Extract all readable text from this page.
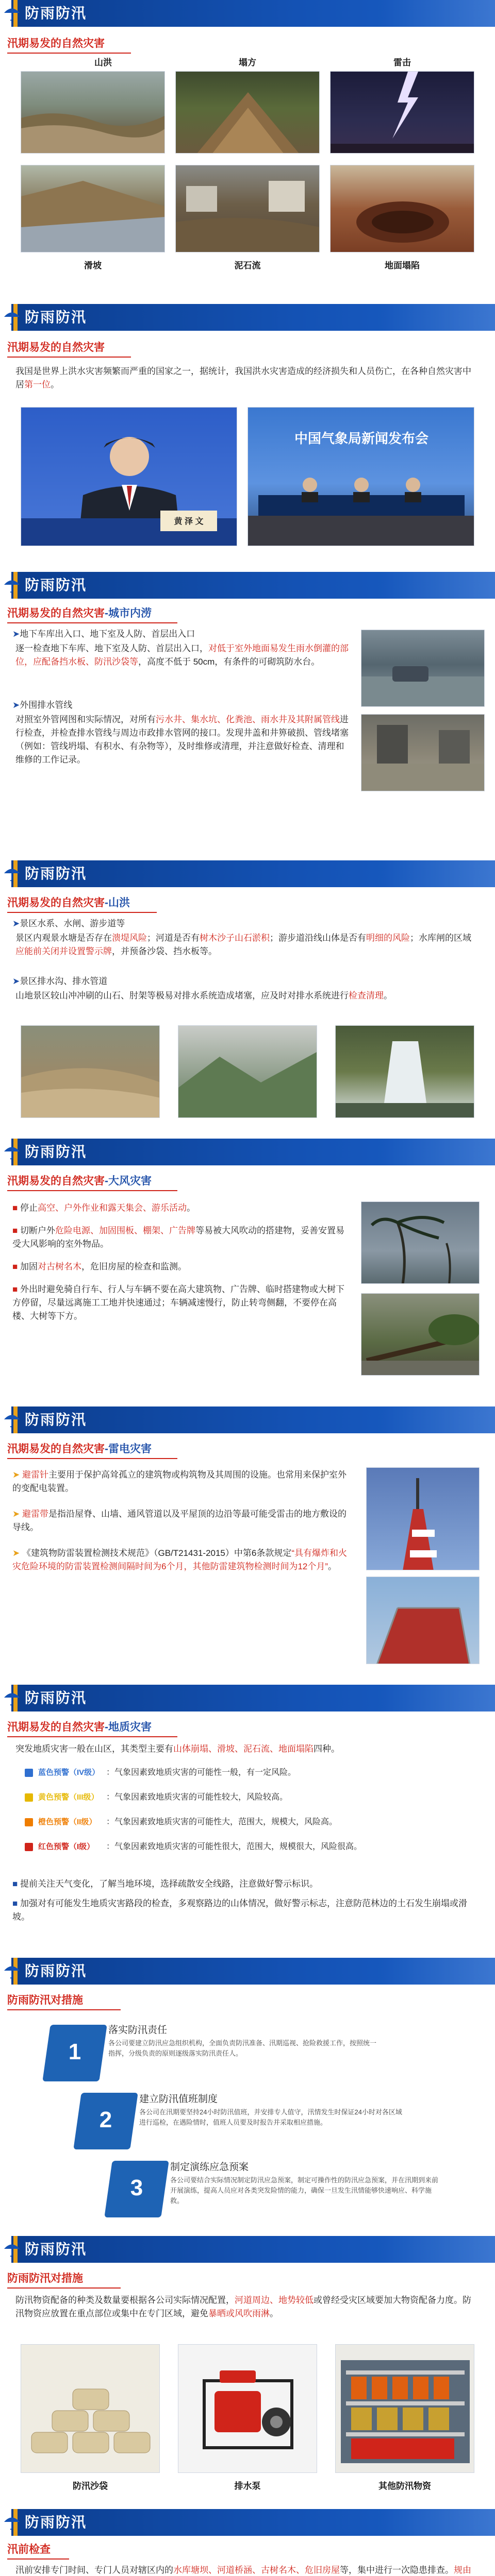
防雨防汛
汛期易发的自然灾害
山洪	塌方	雷击
滑坡	泥石流	地面塌陷
防雨防汛
汛期易发的自然灾害
我国是世界上洪水灾害频繁而严重的国家之一，据统计，我国洪水灾害造成的经济损失和人员伤亡，在各种自然灾害中居第一位。
黄 泽 文
中国气象局新闻发布会
防雨防汛
汛期易发的自然灾害-城市内涝
➤地下车库出入口、地下室及人防、首层出入口
逐一检查地下车库、地下室及人防、首层出入口，对低于室外地面易发生雨水倒灌的部位，应配备挡水板、防汛沙袋等，高度不低于 50cm，有条件的可砌筑防水台。
➤外围排水管线
对照室外管网图和实际情况，对所有污水井、集水坑、化粪池、雨水井及其附属管线进行检查，并检查排水管线与周边市政排水管网的接口。发现井盖和井箅破损、管线堵塞（例如：管线坍塌、有积水、有杂物等），及时维修或清理，并注意做好检查、清理和维修的工作记录。
防雨防汛
汛期易发的自然灾害-山洪
➤景区水系、水闸、游步道等
景区内观景水塘是否存在溃堤风险；河道是否有树木沙子山石淤积；游步道沿线山体是否有明细的风险；水库闸的区域应能前关闭并设置警示牌，并预备沙袋、挡水板等。
➤景区排水沟、排水管道
山地景区较山冲冲刷的山石、肘架等极易对排水系统造成堵塞，应及时对排水系统进行检查清理。
防雨防汛
汛期易发的自然灾害-大风灾害
■ 停止高空、户外作业和露天集会、游乐活动。
■ 切断户外危险电源、加固围板、棚架、广告牌等易被大风吹动的搭建物，妥善安置易受大风影响的室外物品。
■ 加固对古树名木，危旧房屋的检查和监测。
■ 外出时避免骑自行车、行人与车辆不要在高大建筑物、广告牌、临时搭建物或大树下方停留，尽量远离施工工地并快速通过；车辆减速慢行，防止转弯侧翻，不要停在高楼、大树等下方。
防雨防汛
汛期易发的自然灾害-雷电灾害
➤ 避雷针主要用于保护高耸孤立的建筑物或构筑物及其周围的设施。也常用来保护室外的变配电装置。
➤ 避雷带是指沿屋脊、山墙、通风管道以及平屋顶的边沿等最可能受雷击的地方敷设的导线。
➤ 《建筑物防雷装置检测技术规范》（GB/T21431-2015）中第6条款规定“具有爆炸和火灾危险环境的防雷装置检测间隔时间为6个月，其他防雷建筑物检测时间为12个月”。
防雨防汛
汛期易发的自然灾害-地质灾害
突发地质灾害一般在山区，其类型主要有山体崩塌、滑坡、泥石流、地面塌陷四种。
■ 提前关注天气变化，了解当地环境，选择疏散安全线路，注意做好警示标识。
■ 加强对有可能发生地质灾害路段的检查，多观察路边的山体情况，做好警示标志，注意防范林边的土石发生崩塌或滑坡。
蓝色预警（IV级） ：气象因素致地质灾害的可能性一般，有一定风险。
黄色预警（III级） ：气象因素致地质灾害的可能性较大，风险较高。
橙色预警（II级）	：气象因素致地质灾害的可能性大，范围大，规模大，风险高。
红色预警（I级）	：气象因素致地质灾害的可能性很大，范围大，规模很大，风险很高。
防雨防汛
防雨防汛对措施
1
落实防汛责任
各公司要建立防汛应急组织机构，全面负责防汛准备、汛期巡视、抢险救援工作，按照统一指挥，分级负责的原则逐级落实防汛责任人。
2
建立防汛值班制度
各公司在汛期要坚持24小时防汛值班，并安排专人值守，汛情发生时保证24小时对各区域进行巡检，在遇险情时，值班人员要及时报告并采取相应措施。
3
制定演练应急预案
各公司要结合实际情况制定防汛应急预案，制定可操作性的防汛应急预案，并在汛期到来前开展演练，提高人员应对各类突发险情的能力，确保一旦发生汛情能够快速响应、科学施救。
防雨防汛
防雨防汛对措施
防汛物资配备的种类及数量要根据各公司实际情况配置，河道周边、地势较低或曾经受灾区域要加大物资配备力度。防汛物资应放置在重点部位或集中在专门区域，避免暴晒或风吹雨淋。
防汛沙袋	排水泵	其他防汛物资
防雨防汛
汛前检查
汛前安排专门时间、专门人员对辖区内的水库塘坝、河道桥涵、古树名木、危旧房屋等，集中进行一次隐患排查。规由
